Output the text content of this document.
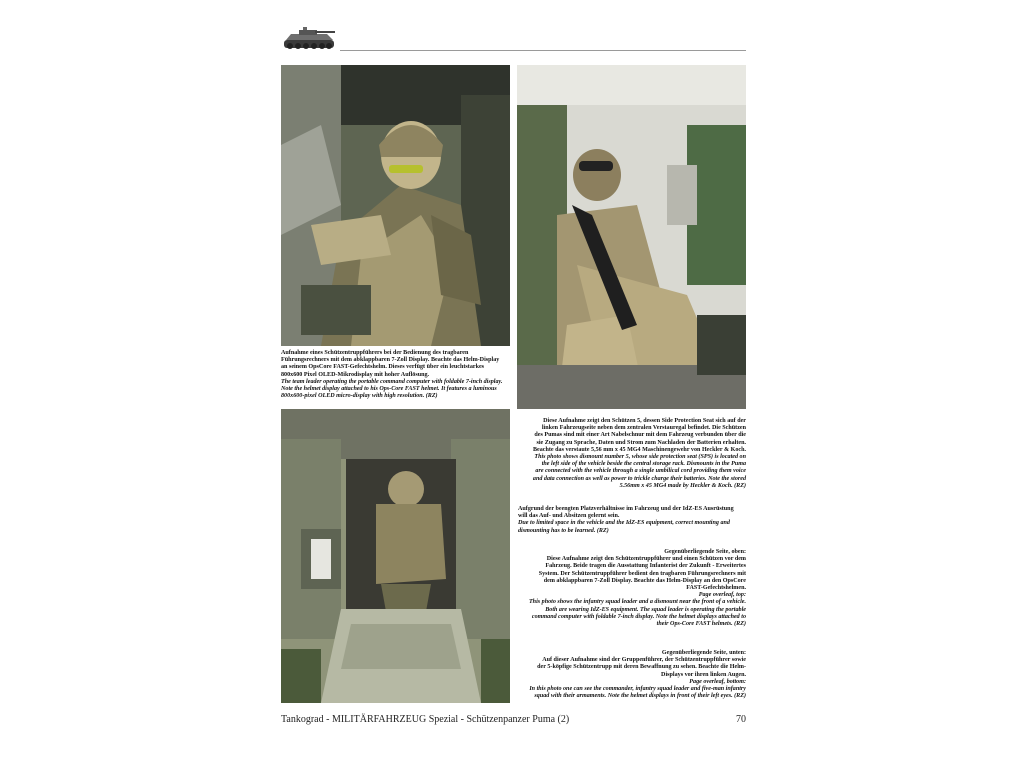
Aufnahme eines Schützentruppführers bei der Bedienung des tragbaren

Führungsrechners mit dem abklappbaren 7-Zoll Display. Beachte das Helm-Display

an seinem OpsCore FAST-Gefechtshelm. Dieses verfügt über ein leuchtstarkes

800x600 Pixel OLED-Mikrodisplay mit hoher Auflösung.

The team leader operating the portable command computer with foldable 7-inch display.

Note the helmet display attached to his Ops-Core FAST helmet. It features a luminous

800x600-pixel OLED micro-display with high resolution. (RZ)

Diese Aufnahme zeigt den Schützen 5, dessen Side Protection Seat sich auf der

linken Fahrzeugseite neben dem zentralen Verstauregal befindet. Die Schützen

des Pumas sind mit einer Art Nabelschnur mit dem Fahrzeug verbunden über die

sie Zugang zu Sprache, Daten und Strom zum Nachladen der Batterien erhalten.

Beachte das verstaute 5,56 mm x 45 MG4 Maschinengewehr von Heckler & Koch.

This photo shows dismount number 5, whose side protection seat (SPS) is located on

the left side of the vehicle beside the central storage rack. Dismounts in the Puma

are connected with the vehicle through a single umbilical cord providing them voice

and data connection as well as power to trickle charge their batteries. Note the stored

5.56mm x 45 MG4 made by Heckler & Koch. (RZ)

Aufgrund der beengten Platzverhältnisse im Fahrzeug und der IdZ-ES Ausrüstung

will das Auf- und Absitzen gelernt sein.

Due to limited space in the vehicle and the IdZ-ES equipment, correct mounting and

dismounting has to be learned. (RZ)

Gegenüberliegende Seite, oben:

Diese Aufnahme zeigt den Schützentruppführer und einen Schützen vor dem

Fahrzeug. Beide tragen die Ausstattung Infanterist der Zukunft - Erweitertes

System. Der Schützentruppführer bedient den tragbaren Führungsrechners mit

dem abklappbaren 7-Zoll Display. Beachte das Helm-Display an den OpsCore

FAST-Gefechtshelmen.

Page overleaf, top:

This photo shows the infantry squad leader and a dismount near the front of a vehicle.

Both are wearing IdZ-ES equipment. The squad leader is operating the portable

command computer with foldable 7-inch display. Note the helmet displays attached to

their Ops-Core FAST helmets. (RZ)

Gegenüberliegende Seite, unten:

Auf dieser Aufnahme sind der Gruppenführer, der Schützentruppführer sowie

der 5-köpfige Schützentrupp mit deren Bewaffnung zu sehen. Beachte die Helm-

Displays vor ihren linken Augen.

Page overleaf, bottom:

In this photo one can see the commander, infantry squad leader and five-man infantry

squad with their armaments. Note the helmet displays in front of their left eyes. (RZ)

Tankograd - MILITÄRFAHRZEUG Spezial - Schützenpanzer Puma (2)	70
